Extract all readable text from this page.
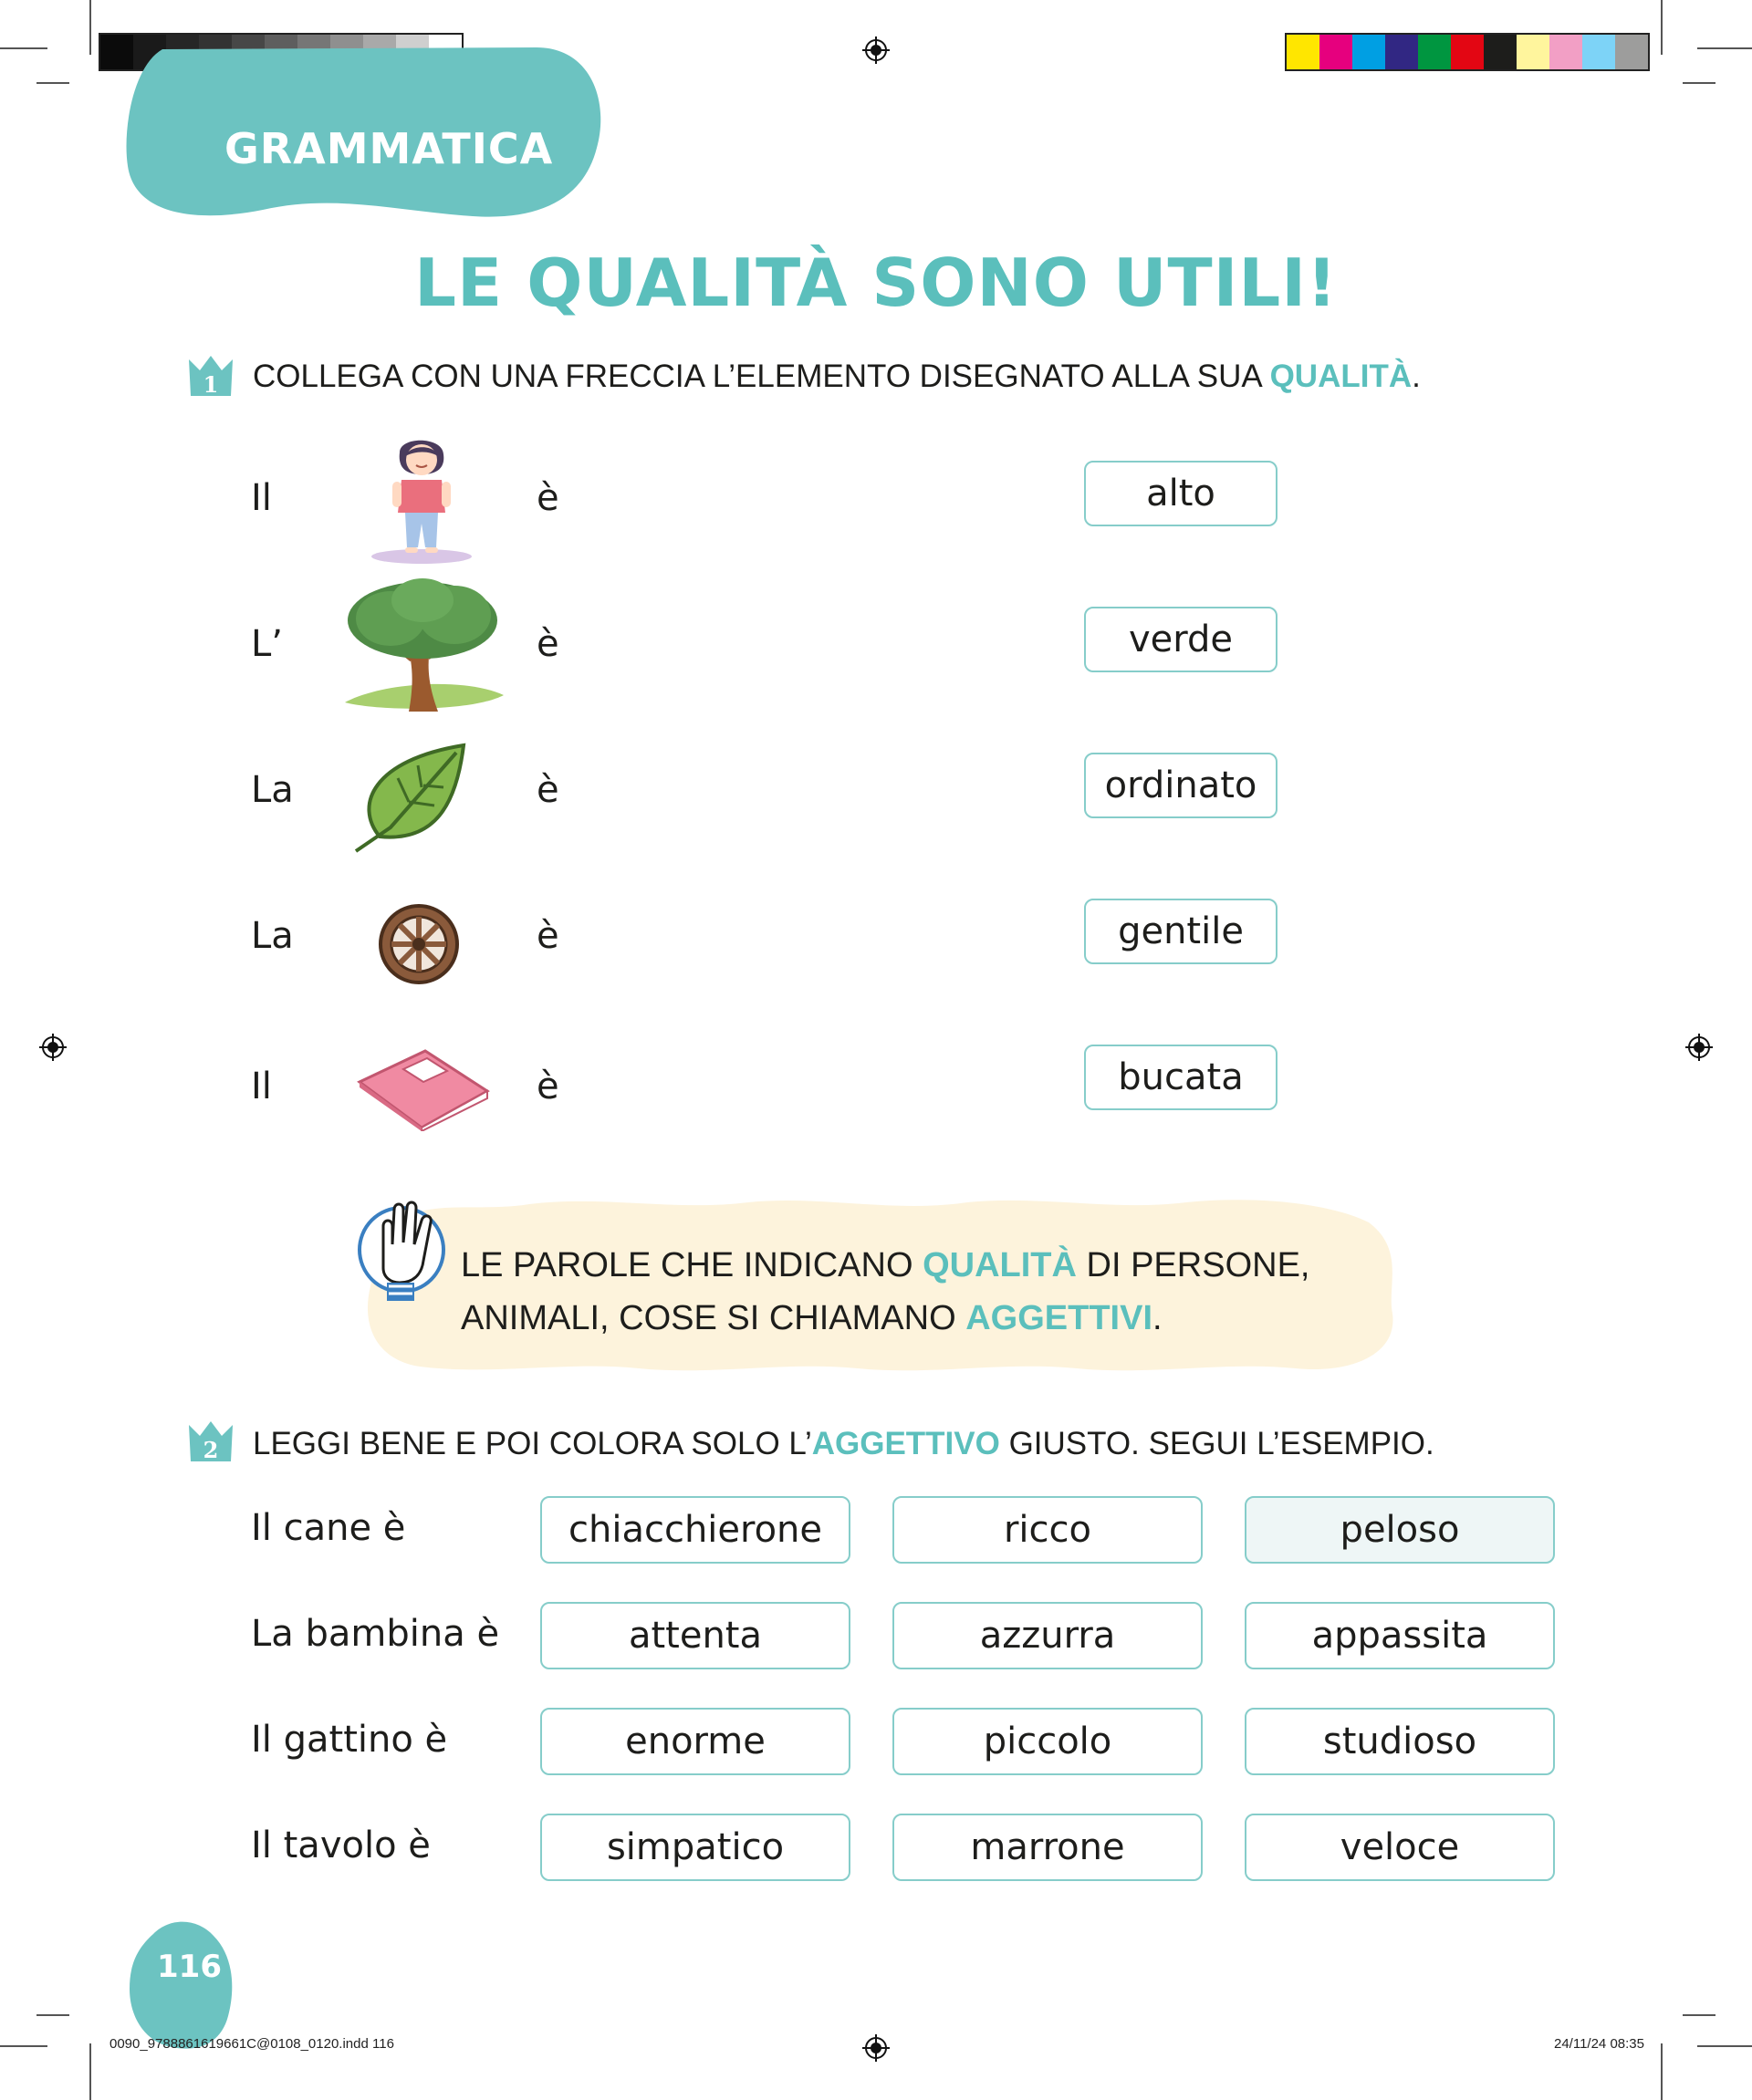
GRAMMATICA
LE QUALITÀ SONO UTILI!
1 COLLEGA CON UNA FRECCIA L’ELEMENTO DISEGNATO ALLA SUA QUALITÀ.
Il	è	alto
L’	è	verde
La	è	ordinato
La	è	gentile
Il	è	bucata
LE PAROLE CHE INDICANO QUALITÀ DI PERSONE,
ANIMALI, COSE SI CHIAMANO AGGETTIVI.
2 LEGGI BENE E POI COLORA SOLO L’AGGETTIVO GIUSTO. SEGUI L’ESEMPIO.
Il cane è	chiacchierone	ricco	peloso
La bambina è	attenta	azzurra	appassita
Il gattino è	enorme	piccolo	studioso
Il tavolo è	simpatico	marrone	veloce
116
0090_9788861619661C@0108_0120.indd 116	24/11/24 08:35
